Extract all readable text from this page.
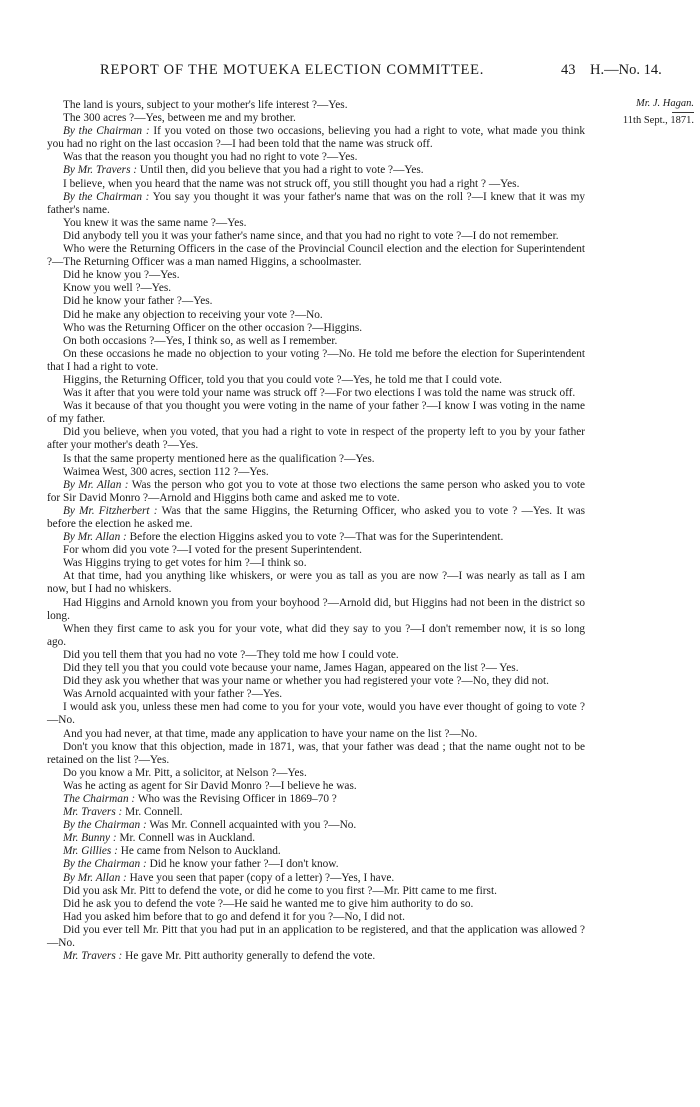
REPORT OF THE MOTUEKA ELECTION COMMITTEE.	43 H.—No. 14.
Mr. J. Hagan.
11th Sept., 1871.

The land is yours, subject to your mother's life interest ?—Yes.

The 300 acres ?—Yes, between me and my brother.

By the Chairman : If you voted on those two occasions, believing you had a right to vote, what made you think you had no right on the last occasion ?—I had been told that the name was struck off.

Was that the reason you thought you had no right to vote ?—Yes.

By Mr. Travers : Until then, did you believe that you had a right to vote ?—Yes.

I believe, when you heard that the name was not struck off, you still thought you had a right ? —Yes.

By the Chairman : You say you thought it was your father's name that was on the roll ?—I knew that it was my father's name.

You knew it was the same name ?—Yes.

Did anybody tell you it was your father's name since, and that you had no right to vote ?—I do not remember.

Who were the Returning Officers in the case of the Provincial Council election and the election for Superintendent ?—The Returning Officer was a man named Higgins, a schoolmaster.

Did he know you ?—Yes.

Know you well ?—Yes.

Did he know your father ?—Yes.

Did he make any objection to receiving your vote ?—No.

Who was the Returning Officer on the other occasion ?—Higgins.

On both occasions ?—Yes, I think so, as well as I remember.

On these occasions he made no objection to your voting ?—No. He told me before the election for Superintendent that I had a right to vote.

Higgins, the Returning Officer, told you that you could vote ?—Yes, he told me that I could vote.

Was it after that you were told your name was struck off ?—For two elections I was told the name was struck off.

Was it because of that you thought you were voting in the name of your father ?—I know I was voting in the name of my father.

Did you believe, when you voted, that you had a right to vote in respect of the property left to you by your father after your mother's death ?—Yes.

Is that the same property mentioned here as the qualification ?—Yes.

Waimea West, 300 acres, section 112 ?—Yes.

By Mr. Allan : Was the person who got you to vote at those two elections the same person who asked you to vote for Sir David Monro ?—Arnold and Higgins both came and asked me to vote.

By Mr. Fitzherbert : Was that the same Higgins, the Returning Officer, who asked you to vote ? —Yes. It was before the election he asked me.

By Mr. Allan : Before the election Higgins asked you to vote ?—That was for the Superintendent.

For whom did you vote ?—I voted for the present Superintendent.

Was Higgins trying to get votes for him ?—I think so.

At that time, had you anything like whiskers, or were you as tall as you are now ?—I was nearly as tall as I am now, but I had no whiskers.

Had Higgins and Arnold known you from your boyhood ?—Arnold did, but Higgins had not been in the district so long.

When they first came to ask you for your vote, what did they say to you ?—I don't remember now, it is so long ago.

Did you tell them that you had no vote ?—They told me how I could vote.

Did they tell you that you could vote because your name, James Hagan, appeared on the list ?— Yes.

Did they ask you whether that was your name or whether you had registered your vote ?—No, they did not.

Was Arnold acquainted with your father ?—Yes.

I would ask you, unless these men had come to you for your vote, would you have ever thought of going to vote ?—No.

And you had never, at that time, made any application to have your name on the list ?—No.

Don't you know that this objection, made in 1871, was, that your father was dead ; that the name ought not to be retained on the list ?—Yes.

Do you know a Mr. Pitt, a solicitor, at Nelson ?—Yes.

Was he acting as agent for Sir David Monro ?—I believe he was.

The Chairman : Who was the Revising Officer in 1869–70 ?

Mr. Travers : Mr. Connell.

By the Chairman : Was Mr. Connell acquainted with you ?—No.

Mr. Bunny : Mr. Connell was in Auckland.

Mr. Gillies : He came from Nelson to Auckland.

By the Chairman : Did he know your father ?—I don't know.

By Mr. Allan : Have you seen that paper (copy of a letter) ?—Yes, I have.

Did you ask Mr. Pitt to defend the vote, or did he come to you first ?—Mr. Pitt came to me first.

Did he ask you to defend the vote ?—He said he wanted me to give him authority to do so.

Had you asked him before that to go and defend it for you ?—No, I did not.

Did you ever tell Mr. Pitt that you had put in an application to be registered, and that the application was allowed ?—No.

Mr. Travers : He gave Mr. Pitt authority generally to defend the vote.
